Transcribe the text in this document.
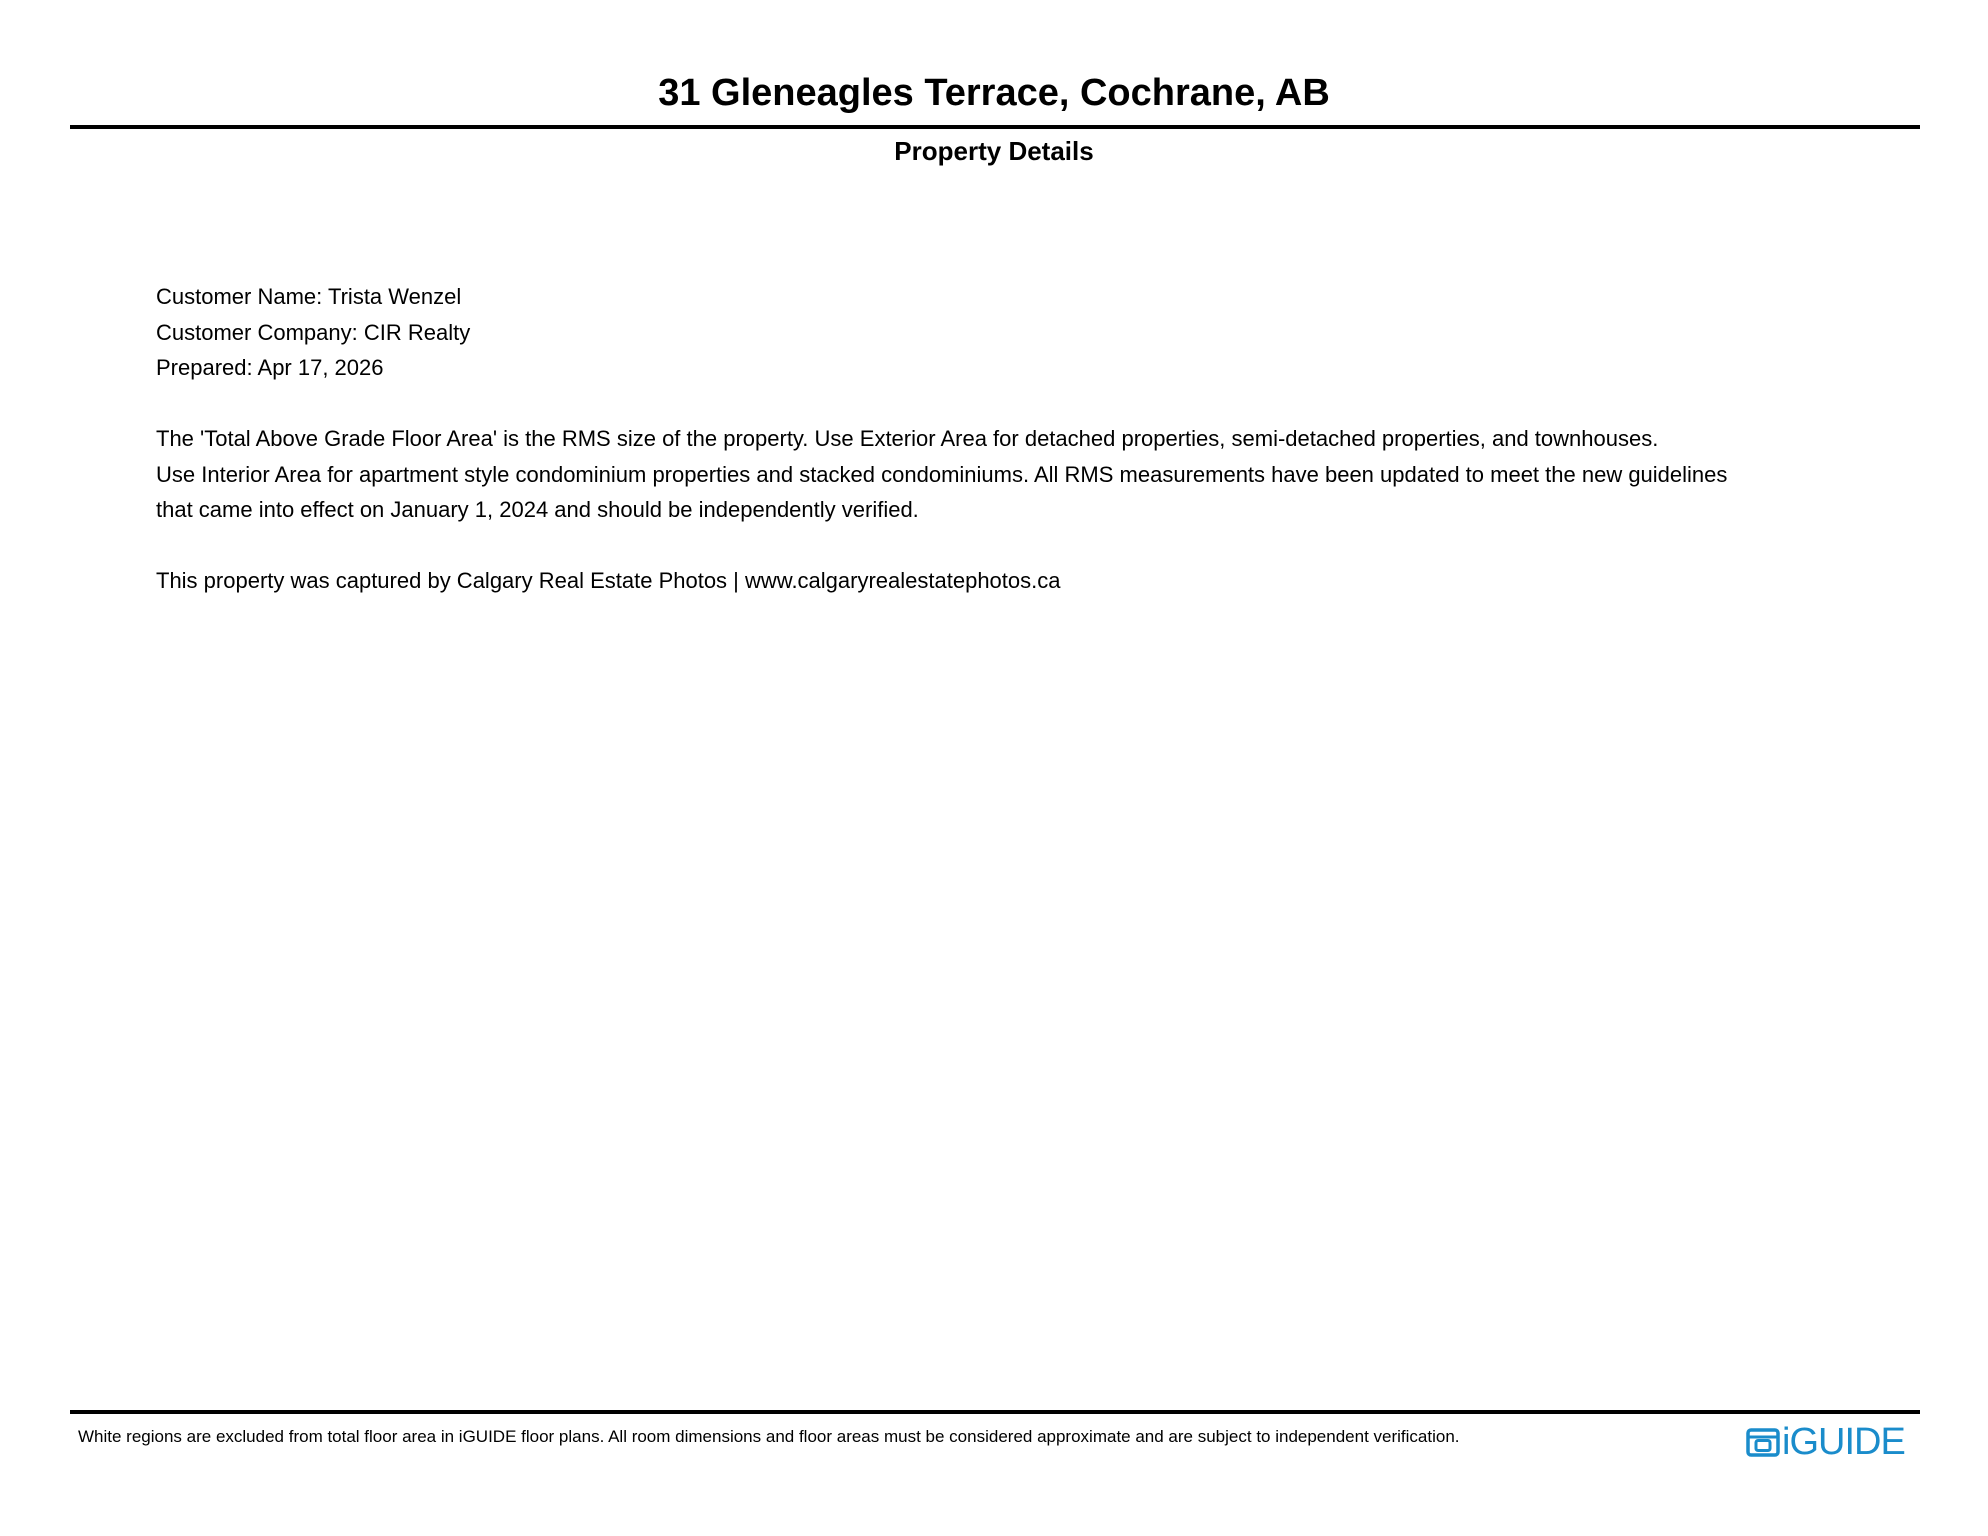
31 Gleneagles Terrace, Cochrane, AB
Property Details

Customer Name: Trista Wenzel

Customer Company: CIR Realty

Prepared: Apr 17, 2026

The 'Total Above Grade Floor Area' is the RMS size of the property. Use Exterior Area for detached properties, semi-detached properties, and townhouses.

Use Interior Area for apartment style condominium properties and stacked condominiums. All RMS measurements have been updated to meet the new guidelines

that came into effect on January 1, 2024 and should be independently verified.

This property was captured by Calgary Real Estate Photos | www.calgaryrealestatephotos.ca

White regions are excluded from total floor area in iGUIDE floor plans. All room dimensions and floor areas must be considered approximate and are subject to independent verification.	iGUIDE
